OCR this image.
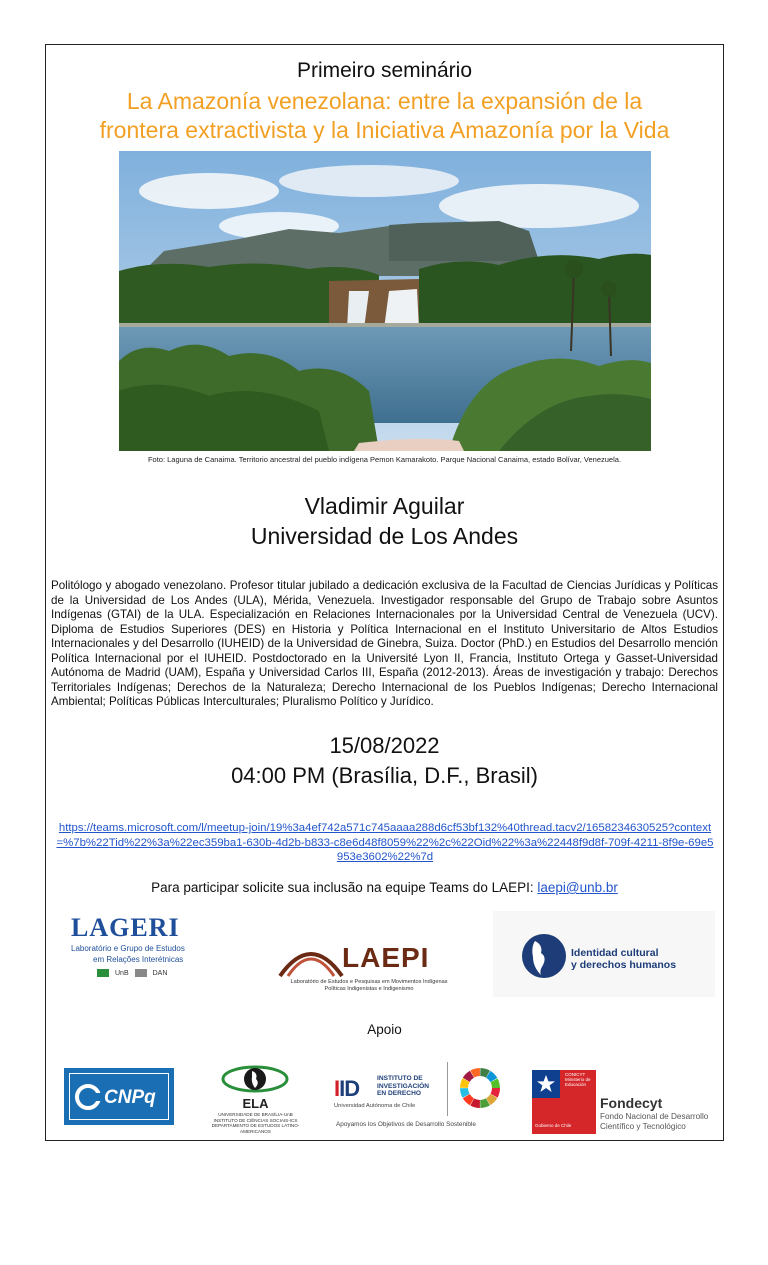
Primeiro seminário
La Amazonía venezolana: entre la expansión de la
frontera extractivista y la Iniciativa Amazonía por la Vida
Foto: Laguna de Canaima. Territorio ancestral del pueblo indígena Pemon Kamarakoto. Parque Nacional Canaima, estado Bolívar, Venezuela.
Vladimir Aguilar
Universidad de Los Andes
Politólogo y abogado venezolano. Profesor titular jubilado a dedicación exclusiva de la Facultad de Ciencias Jurídicas y Políticas de la Universidad de Los Andes (ULA), Mérida, Venezuela. Investigador responsable del Grupo de Trabajo sobre Asuntos Indígenas (GTAI) de la ULA. Especialización en Relaciones Internacionales por la Universidad Central de Venezuela (UCV). Diploma de Estudios Superiores (DES) en Historia y Política Internacional en el Instituto Universitario de Altos Estudios Internacionales y del Desarrollo (IUHEID) de la Universidad de Ginebra, Suiza. Doctor (PhD.) en Estudios del Desarrollo mención Política Internacional por el IUHEID. Postdoctorado en la Université Lyon II, Francia, Instituto Ortega y Gasset-Universidad Autónoma de Madrid (UAM), España y Universidad Carlos III, España (2012-2013). Áreas de investigación y trabajo: Derechos Territoriales Indígenas; Derechos de la Naturaleza; Derecho Internacional de los Pueblos Indígenas; Derecho Internacional Ambiental; Políticas Públicas Interculturales; Pluralismo Político y Jurídico.
15/08/2022
04:00 PM (Brasília, D.F., Brasil)
https://teams.microsoft.com/l/meetup-join/19%3a4ef742a571c745aaaa288d6cf53bf132%40thread.tacv2/1658234630525?context=%7b%22Tid%22%3a%22ec359ba1-630b-4d2b-b833-c8e6d48f8059%22%2c%22Oid%22%3a%22448f9d8f-709f-4211-8f9e-69e5953e3602%22%7d
Para participar solicite sua inclusão na equipe Teams do LAEPI: laepi@unb.br
LAGERI
Laboratório e Grupo de Estudos
em Relações Interétnicas
UnB	DAN	LAEPI
Laboratório de Estudos e Pesquisas em Movimentos Indígenas
Políticas Indigenistas e Indigenismo
Identidad cultural
y derechos humanos
Apoio
CNPq	ELA
UNIVERSIDADE DE BRASÍLIA-UnB
INSTITUTO DE CIÊNCIAS SOCIAIS-ICS
DEPARTAMENTO DE ESTUDOS LATINO-AMERICANOS
IID	INSTITUTO DE
INVESTIGACIÓN
EN DERECHO
Universidad Autónoma de Chile
Apoyamos los Objetivos de Desarrollo Sostenible
CONICYT Ministerio de Educación
Gobierno de Chile
Fondecyt
Fondo Nacional de Desarrollo
Científico y Tecnológico
